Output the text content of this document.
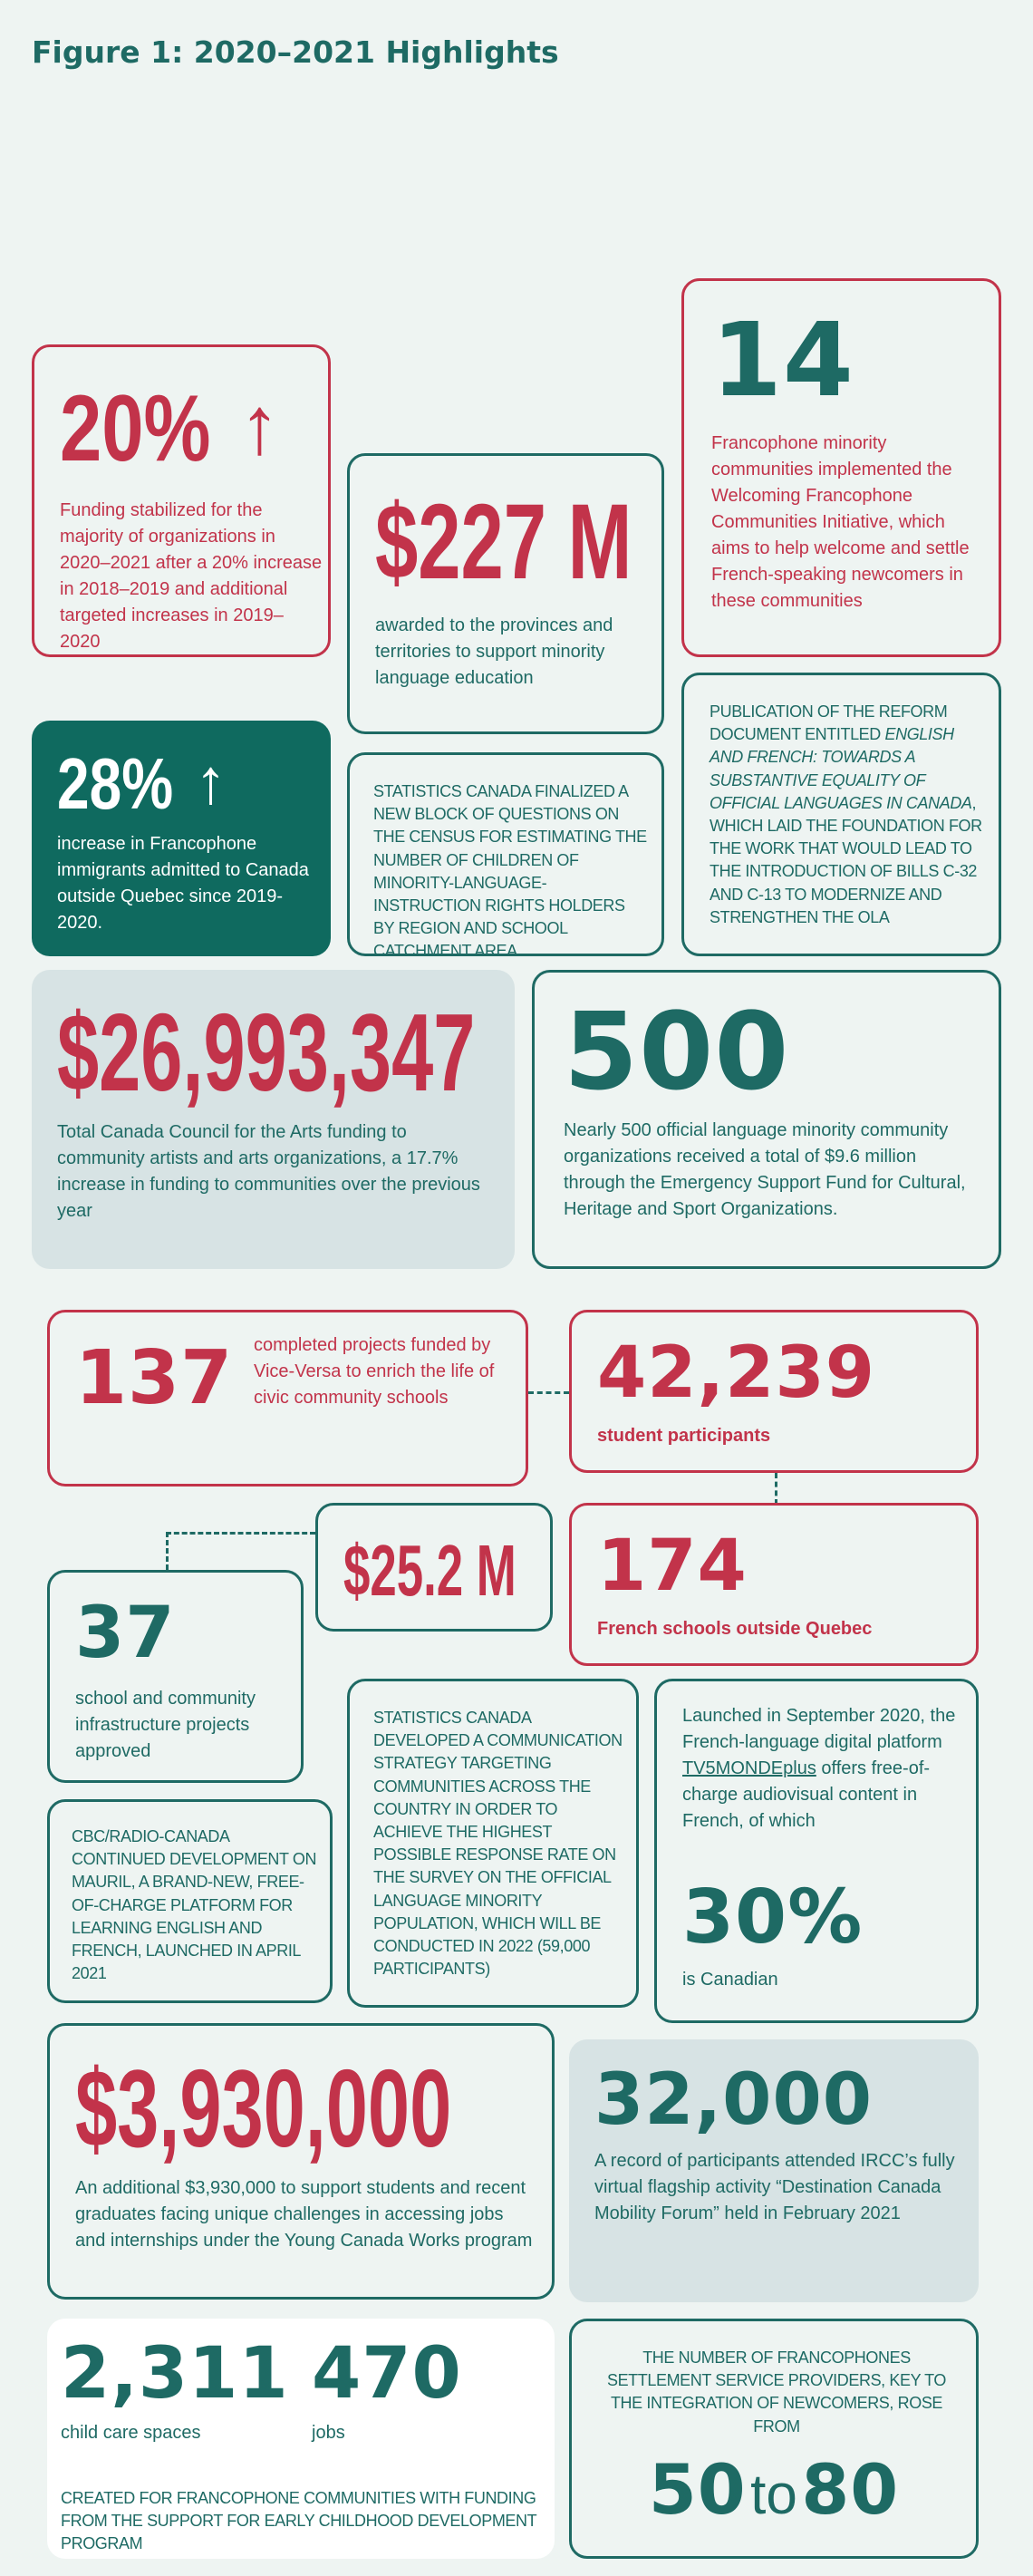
Figure 1: 2020–2021 Highlights
20% ↑
Funding stabilized for the majority of organizations in 2020–2021 after a 20% increase in 2018–2019 and additional targeted increases in 2019–2020
$227 M
awarded to the provinces and territories to support minority language education
14
Francophone minority communities implemented the Welcoming Francophone Communities Initiative, which aims to help welcome and settle French-speaking newcomers in these communities
28% ↑
increase in Francophone immigrants admitted to Canada outside Quebec since 2019-2020.
STATISTICS CANADA FINALIZED A NEW BLOCK OF QUESTIONS ON THE CENSUS FOR ESTIMATING THE NUMBER OF CHILDREN OF MINORITY-LANGUAGE-INSTRUCTION RIGHTS HOLDERS BY REGION AND SCHOOL CATCHMENT AREA
PUBLICATION OF THE REFORM DOCUMENT ENTITLED ENGLISH AND FRENCH: TOWARDS A SUBSTANTIVE EQUALITY OF OFFICIAL LANGUAGES IN CANADA, WHICH LAID THE FOUNDATION FOR THE WORK THAT WOULD LEAD TO THE INTRODUCTION OF BILLS C-32 AND C-13 TO MODERNIZE AND STRENGTHEN THE OLA
$26,993,347
Total Canada Council for the Arts funding to community artists and arts organizations, a 17.7% increase in funding to communities over the previous year
500
Nearly 500 official language minority community organizations received a total of $9.6 million through the Emergency Support Fund for Cultural, Heritage and Sport Organizations.
137 completed projects funded by Vice-Versa to enrich the life of civic community schools	42,239
student participants
$25.2 M	174
French schools outside Quebec
37
school and community infrastructure projects approved
STATISTICS CANADA DEVELOPED A COMMUNICATION STRATEGY TARGETING COMMUNITIES ACROSS THE COUNTRY IN ORDER TO ACHIEVE THE HIGHEST POSSIBLE RESPONSE RATE ON THE SURVEY ON THE OFFICIAL LANGUAGE MINORITY POPULATION, WHICH WILL BE CONDUCTED IN 2022 (59,000 PARTICIPANTS)
Launched in September 2020, the French-language digital platform TV5MONDEplus offers free-of-charge audiovisual content in French, of which
30%
is Canadian
CBC/RADIO-CANADA CONTINUED DEVELOPMENT ON MAURIL, A BRAND-NEW, FREE-OF-CHARGE PLATFORM FOR LEARNING ENGLISH AND FRENCH, LAUNCHED IN APRIL 2021
$3,930,000
An additional $3,930,000 to support students and recent graduates facing unique challenges in accessing jobs and internships under the Young Canada Works program
32,000
A record of participants attended IRCC’s fully virtual flagship activity “Destination Canada Mobility Forum” held in February 2021
2,311
child care spaces
470
jobs
CREATED FOR FRANCOPHONE COMMUNITIES WITH FUNDING FROM THE SUPPORT FOR EARLY CHILDHOOD DEVELOPMENT PROGRAM
THE NUMBER OF FRANCOPHONES SETTLEMENT SERVICE PROVIDERS, KEY TO THE INTEGRATION OF NEWCOMERS, ROSE FROM
50 to 80
